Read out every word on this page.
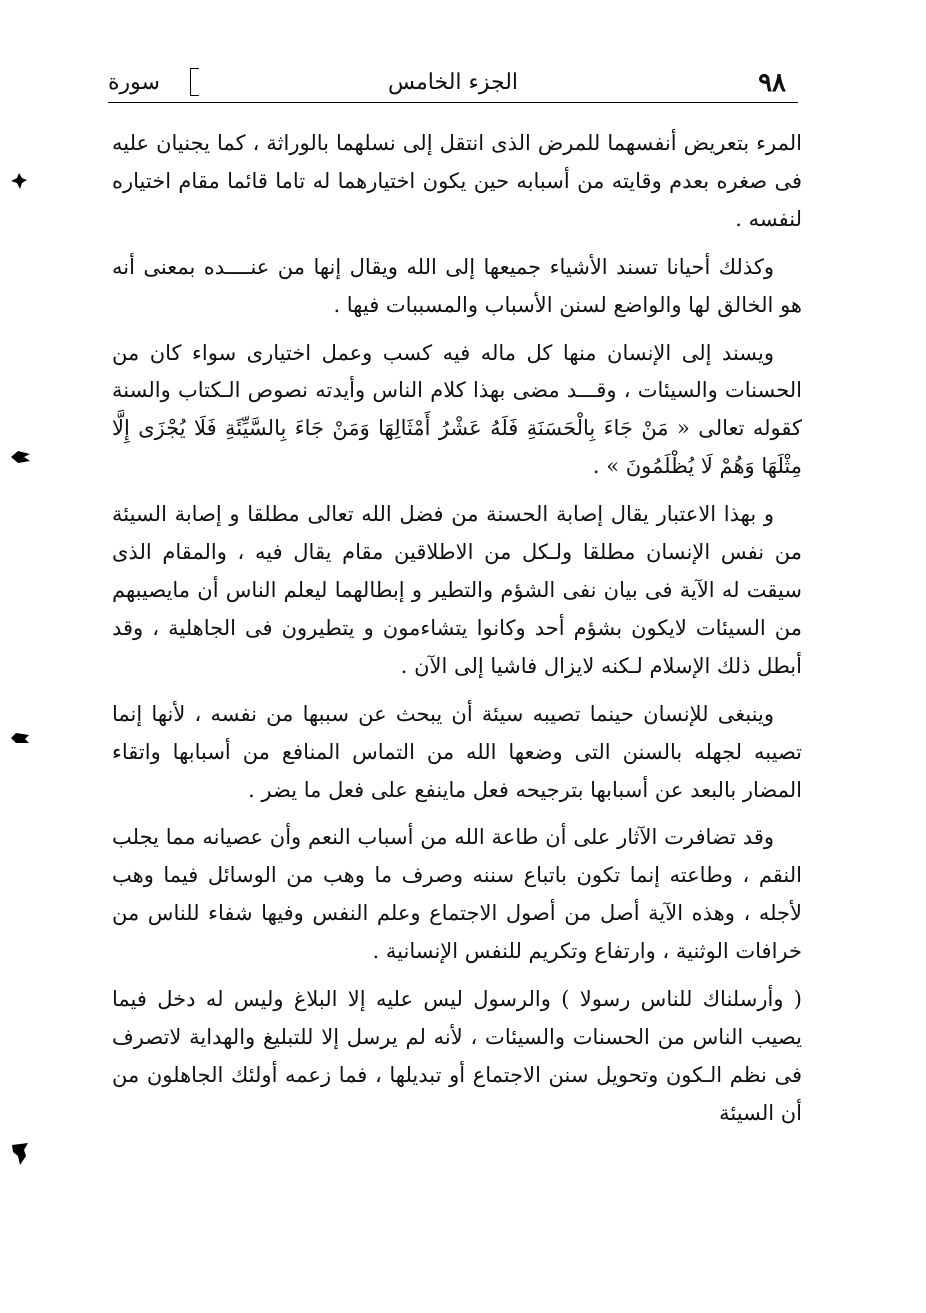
٩٨
الجزء الخامس
سورة

المرء بتعريض أنفسهما للمرض الذى انتقل إلى نسلهما بالوراثة ، كما يجنيان عليه فى صغره بعدم وقايته من أسبابه حين يكون اختيارهما له تاما قائما مقام اختياره لنفسه .

وكذلك أحيانا تسند الأشياء جميعها إلى الله ويقال إنها من عنــــده بمعنى أنه هو الخالق لها والواضع لسنن الأسباب والمسببات فيها .

ويسند إلى الإنسان منها كل ماله فيه كسب وعمل اختيارى سواء كان من الحسنات والسيئات ، وقـــد مضى بهذا كلام الناس وأيدته نصوص الـكتاب والسنة كقوله تعالى « مَنْ جَاءَ بِالْحَسَنَةِ فَلَهُ عَشْرُ أَمْثَالِهَا وَمَنْ جَاءَ بِالسَّيِّئَةِ فَلَا يُجْزَى إِلَّا مِثْلَهَا وَهُمْ لَا يُظْلَمُونَ » .

و بهذا الاعتبار يقال إصابة الحسنة من فضل الله تعالى مطلقا و إصابة السيئة من نفس الإنسان مطلقا ولـكل من الاطلاقين مقام يقال فيه ، والمقام الذى سيقت له الآية فى بيان نفى الشؤم والتطير و إبطالهما ليعلم الناس أن مايصيبهم من السيئات لايكون بشؤم أحد وكانوا يتشاءمون و يتطيرون فى الجاهلية ، وقد أبطل ذلك الإسلام لـكنه لايزال فاشيا إلى الآن .

وينبغى للإنسان حينما تصيبه سيئة أن يبحث عن سببها من نفسه ، لأنها إنما تصيبه لجهله بالسنن التى وضعها الله من التماس المنافع من أسبابها واتقاء المضار بالبعد عن أسبابها بترجيحه فعل ماينفع على فعل ما يضر .

وقد تضافرت الآثار على أن طاعة الله من أسباب النعم وأن عصيانه مما يجلب النقم ، وطاعته إنما تكون باتباع سننه وصرف ما وهب من الوسائل فيما وهب لأجله ، وهذه الآية أصل من أصول الاجتماع وعلم النفس وفيها شفاء للناس من خرافات الوثنية ، وارتفاع وتكريم للنفس الإنسانية .

( وأرسلناك للناس رسولا ) والرسول ليس عليه إلا البلاغ وليس له دخل فيما يصيب الناس من الحسنات والسيئات ، لأنه لم يرسل إلا للتبليغ والهداية لاتصرف فى نظم الـكون وتحويل سنن الاجتماع أو تبديلها ، فما زعمه أولئك الجاهلون من أن السيئة
